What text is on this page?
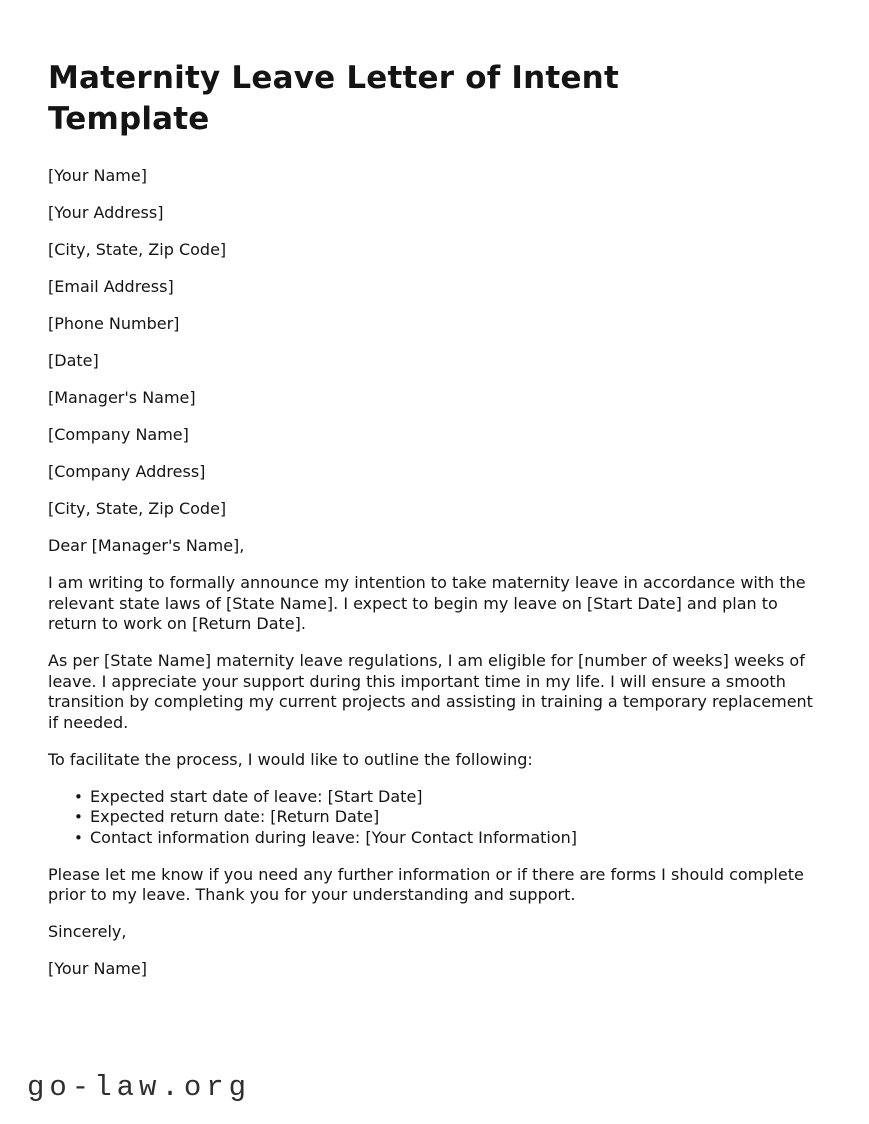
Maternity Leave Letter of Intent Template

[Your Name]

[Your Address]

[City, State, Zip Code]

[Email Address]

[Phone Number]

[Date]

[Manager's Name]

[Company Name]

[Company Address]

[City, State, Zip Code]

Dear [Manager's Name],

I am writing to formally announce my intention to take maternity leave in accordance with the relevant state laws of [State Name]. I expect to begin my leave on [Start Date] and plan to return to work on [Return Date].

As per [State Name] maternity leave regulations, I am eligible for [number of weeks] weeks of leave. I appreciate your support during this important time in my life. I will ensure a smooth transition by completing my current projects and assisting in training a temporary replacement if needed.

To facilitate the process, I would like to outline the following:

• Expected start date of leave: [Start Date]
• Expected return date: [Return Date]
• Contact information during leave: [Your Contact Information]

Please let me know if you need any further information or if there are forms I should complete prior to my leave. Thank you for your understanding and support.

Sincerely,

[Your Name]

go-law.org
